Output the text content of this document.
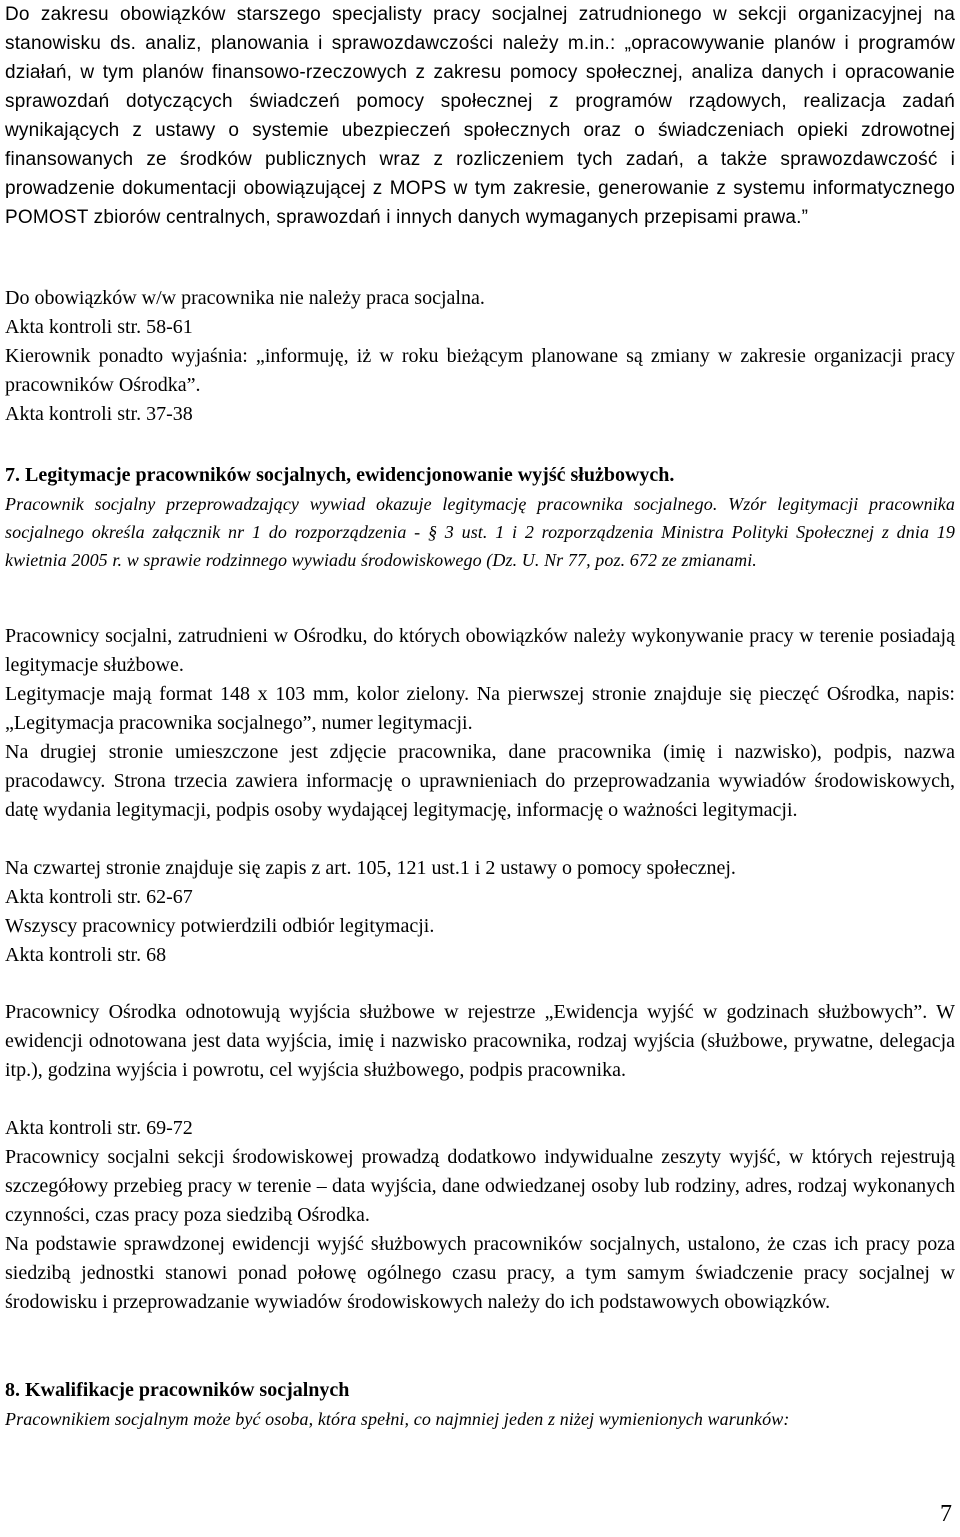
Do zakresu obowiązków starszego specjalisty pracy socjalnej zatrudnionego w sekcji organizacyjnej na stanowisku ds. analiz, planowania i sprawozdawczości należy m.in.: „opracowywanie planów i programów działań, w tym planów finansowo-rzeczowych z zakresu pomocy społecznej, analiza danych i opracowanie sprawozdań dotyczących świadczeń pomocy społecznej z programów rządowych, realizacja zadań wynikających z ustawy o systemie ubezpieczeń społecznych oraz o świadczeniach opieki zdrowotnej finansowanych ze środków publicznych wraz z rozliczeniem tych zadań, a także sprawozdawczość i prowadzenie dokumentacji obowiązującej z MOPS w tym zakresie, generowanie z systemu informatycznego POMOST zbiorów centralnych, sprawozdań i innych danych wymaganych przepisami prawa.”

Do obowiązków w/w pracownika nie należy praca socjalna.

Akta kontroli str. 58-61

Kierownik ponadto wyjaśnia: „informuję, iż w roku bieżącym planowane są zmiany w zakresie organizacji pracy pracowników Ośrodka”.

Akta kontroli str. 37-38

7. Legitymacje pracowników socjalnych, ewidencjonowanie wyjść służbowych.

Pracownik socjalny przeprowadzający wywiad okazuje legitymację pracownika socjalnego. Wzór legitymacji pracownika socjalnego określa załącznik nr 1 do rozporządzenia - § 3 ust. 1 i 2 rozporządzenia Ministra Polityki Społecznej z dnia 19 kwietnia 2005 r. w sprawie rodzinnego wywiadu środowiskowego (Dz. U. Nr 77, poz. 672 ze zmianami.

Pracownicy socjalni, zatrudnieni w Ośrodku, do których obowiązków należy wykonywanie pracy w terenie posiadają legitymacje służbowe.

Legitymacje mają format 148 x 103 mm, kolor zielony. Na pierwszej stronie znajduje się pieczęć Ośrodka, napis: „Legitymacja pracownika socjalnego”, numer legitymacji.

Na drugiej stronie umieszczone jest zdjęcie pracownika, dane pracownika (imię i nazwisko), podpis, nazwa pracodawcy. Strona trzecia zawiera informację o uprawnieniach do przeprowadzania wywiadów środowiskowych, datę wydania legitymacji, podpis osoby wydającej legitymację, informację o ważności legitymacji.

Na czwartej stronie znajduje się zapis z art. 105, 121 ust.1 i 2 ustawy o pomocy społecznej.

Akta kontroli str. 62-67

Wszyscy pracownicy potwierdzili odbiór legitymacji.

Akta kontroli str. 68

Pracownicy Ośrodka odnotowują wyjścia służbowe w rejestrze „Ewidencja wyjść w godzinach służbowych”. W ewidencji odnotowana jest data wyjścia, imię i nazwisko pracownika, rodzaj wyjścia (służbowe, prywatne, delegacja itp.), godzina wyjścia i powrotu, cel wyjścia służbowego, podpis pracownika.

Akta kontroli str. 69-72

Pracownicy socjalni sekcji środowiskowej prowadzą dodatkowo indywidualne zeszyty wyjść, w których rejestrują szczegółowy przebieg pracy w terenie – data wyjścia, dane odwiedzanej osoby lub rodziny, adres, rodzaj wykonanych czynności, czas pracy poza siedzibą Ośrodka.

Na podstawie sprawdzonej ewidencji wyjść służbowych pracowników socjalnych, ustalono, że czas ich pracy poza siedzibą jednostki stanowi ponad połowę ogólnego czasu pracy, a tym samym świadczenie pracy socjalnej w środowisku i przeprowadzanie wywiadów środowiskowych należy do ich podstawowych obowiązków.

8. Kwalifikacje pracowników socjalnych

Pracownikiem socjalnym może być osoba, która spełni, co najmniej jeden z niżej wymienionych warunków:

7
